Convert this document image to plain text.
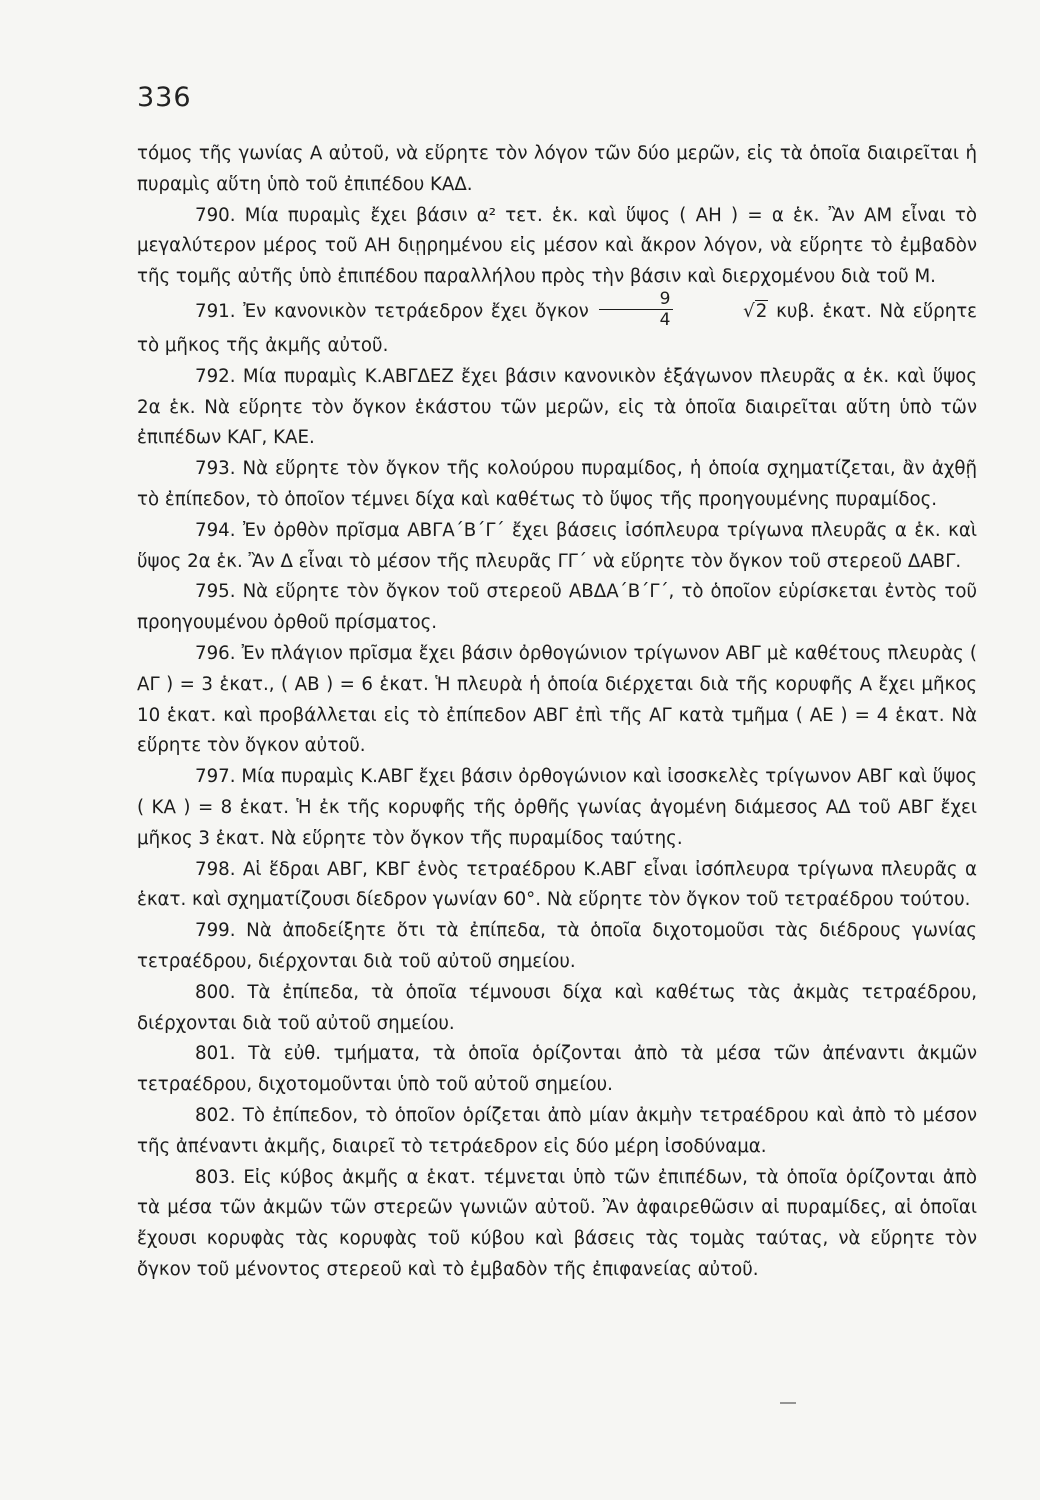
336

τόμος τῆς γωνίας Α αὐτοῦ, νὰ εὕρητε τὸν λόγον τῶν δύο μερῶν, εἰς τὰ ὁποῖα διαιρεῖται ἡ πυραμὶς αὕτη ὑπὸ τοῦ ἐπιπέδου ΚΑΔ.

790. Μία πυραμὶς ἔχει βάσιν α² τετ. ἑκ. καὶ ὕψος ( ΑΗ ) = α ἑκ. Ἂν ΑΜ εἶναι τὸ μεγαλύτερον μέρος τοῦ ΑΗ διῃρημένου εἰς μέσον καὶ ἄκρον λόγον, νὰ εὕρητε τὸ ἐμβαδὸν τῆς τομῆς αὐτῆς ὑπὸ ἐπιπέδου παραλλήλου πρὸς τὴν βάσιν καὶ διερχομένου διὰ τοῦ Μ.

791. Ἐν κανονικὸν τετράεδρον ἔχει ὄγκον $\frac{9}{4}$	√2 κυβ. ἑκατ. Νὰ εὕρητε τὸ μῆκος τῆς ἀκμῆς αὐτοῦ.

792. Μία πυραμὶς Κ.ΑΒΓΔΕΖ ἔχει βάσιν κανονικὸν ἑξάγωνον πλευρᾶς α ἑκ. καὶ ὕψος 2α ἑκ. Νὰ εὕρητε τὸν ὄγκον ἑκάστου τῶν μερῶν, εἰς τὰ ὁποῖα διαιρεῖται αὕτη ὑπὸ τῶν ἐπιπέδων ΚΑΓ, ΚΑΕ.

793. Νὰ εὕρητε τὸν ὄγκον τῆς κολούρου πυραμίδος, ἡ ὁποία σχηματίζεται, ἂν ἀχθῇ τὸ ἐπίπεδον, τὸ ὁποῖον τέμνει δίχα καὶ καθέτως τὸ ὕψος τῆς προηγουμένης πυραμίδος.

794. Ἐν ὀρθὸν πρῖσμα ΑΒΓΑ΄Β΄Γ΄ ἔχει βάσεις ἰσόπλευρα τρίγωνα πλευρᾶς α ἑκ. καὶ ὕψος 2α ἑκ. Ἂν Δ εἶναι τὸ μέσον τῆς πλευρᾶς ΓΓ΄ νὰ εὕρητε τὸν ὄγκον τοῦ στερεοῦ ΔΑΒΓ.

795. Νὰ εὕρητε τὸν ὄγκον τοῦ στερεοῦ ΑΒΔΑ΄Β΄Γ΄, τὸ ὁποῖον εὑρίσκεται ἐντὸς τοῦ προηγουμένου ὀρθοῦ πρίσματος.

796. Ἐν πλάγιον πρῖσμα ἔχει βάσιν ὀρθογώνιον τρίγωνον ΑΒΓ μὲ καθέτους πλευρὰς ( ΑΓ ) = 3 ἑκατ., ( ΑΒ ) = 6 ἑκατ. Ἡ πλευρὰ ἡ ὁποία διέρχεται διὰ τῆς κορυφῆς Α ἔχει μῆκος 10 ἑκατ. καὶ προβάλλεται εἰς τὸ ἐπίπεδον ΑΒΓ ἐπὶ τῆς ΑΓ κατὰ τμῆμα ( ΑΕ ) = 4 ἑκατ. Νὰ εὕρητε τὸν ὄγκον αὐτοῦ.

797. Μία πυραμὶς Κ.ΑΒΓ ἔχει βάσιν ὀρθογώνιον καὶ ἰσοσκελὲς τρίγωνον ΑΒΓ καὶ ὕψος ( ΚΑ ) = 8 ἑκατ. Ἡ ἐκ τῆς κορυφῆς τῆς ὀρθῆς γωνίας ἀγομένη διάμεσος ΑΔ τοῦ ΑΒΓ ἔχει μῆκος 3 ἑκατ. Νὰ εὕρητε τὸν ὄγκον τῆς πυραμίδος ταύτης.

798. Αἱ ἕδραι ΑΒΓ, ΚΒΓ ἑνὸς τετραέδρου Κ.ΑΒΓ εἶναι ἰσόπλευρα τρίγωνα πλευρᾶς α ἑκατ. καὶ σχηματίζουσι δίεδρον γωνίαν 60°. Νὰ εὕρητε τὸν ὄγκον τοῦ τετραέδρου τούτου.

799. Νὰ ἀποδείξητε ὅτι τὰ ἐπίπεδα, τὰ ὁποῖα διχοτομοῦσι τὰς διέδρους γωνίας τετραέδρου, διέρχονται διὰ τοῦ αὐτοῦ σημείου.

800. Τὰ ἐπίπεδα, τὰ ὁποῖα τέμνουσι δίχα καὶ καθέτως τὰς ἀκμὰς τετραέδρου, διέρχονται διὰ τοῦ αὐτοῦ σημείου.

801. Τὰ εὐθ. τμήματα, τὰ ὁποῖα ὁρίζονται ἀπὸ τὰ μέσα τῶν ἀπέναντι ἀκμῶν τετραέδρου, διχοτομοῦνται ὑπὸ τοῦ αὐτοῦ σημείου.

802. Τὸ ἐπίπεδον, τὸ ὁποῖον ὁρίζεται ἀπὸ μίαν ἀκμὴν τετραέδρου καὶ ἀπὸ τὸ μέσον τῆς ἀπέναντι ἀκμῆς, διαιρεῖ τὸ τετράεδρον εἰς δύο μέρη ἰσοδύναμα.

803. Εἰς κύβος ἀκμῆς α ἑκατ. τέμνεται ὑπὸ τῶν ἐπιπέδων, τὰ ὁποῖα ὁρίζονται ἀπὸ τὰ μέσα τῶν ἀκμῶν τῶν στερεῶν γωνιῶν αὐτοῦ. Ἂν ἀφαιρεθῶσιν αἱ πυραμίδες, αἱ ὁποῖαι ἔχουσι κορυφὰς τὰς κορυφὰς τοῦ κύβου καὶ βάσεις τὰς τομὰς ταύτας, νὰ εὕρητε τὸν ὄγκον τοῦ μένοντος στερεοῦ καὶ τὸ ἐμβαδὸν τῆς ἐπιφανείας αὐτοῦ.
